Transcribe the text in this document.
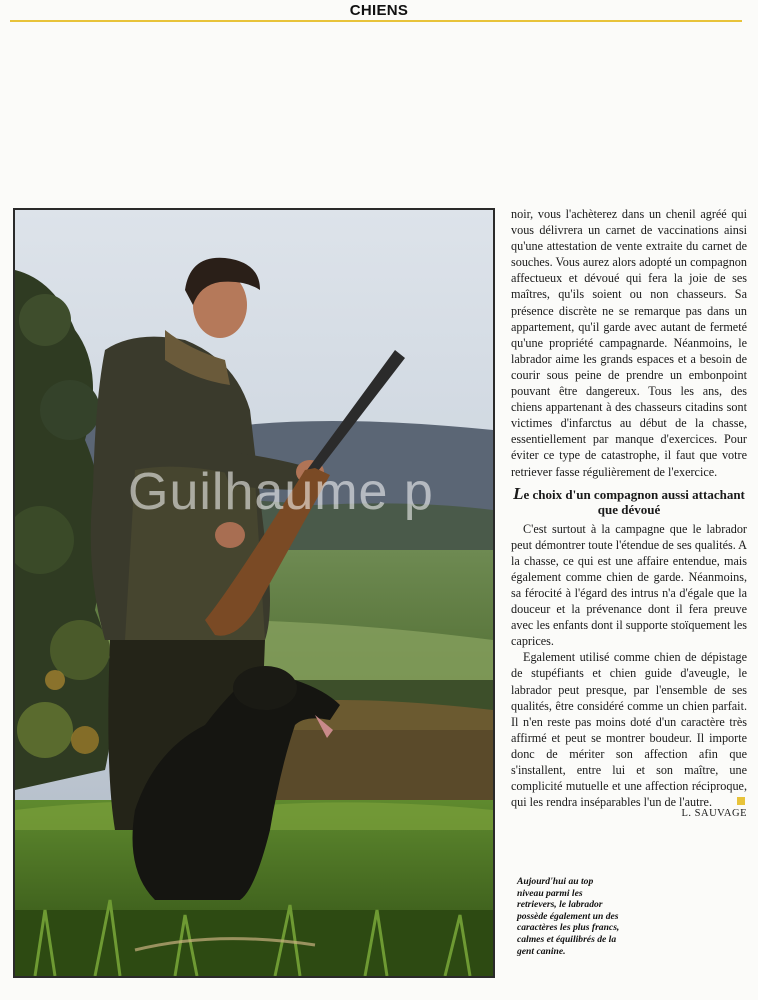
CHIENS
Guilhaume p

noir, vous l'achèterez dans un chenil agréé qui vous délivrera un carnet de vaccinations ainsi qu'une attestation de vente extraite du carnet de souches. Vous aurez alors adopté un compagnon affectueux et dévoué qui fera la joie de ses maîtres, qu'ils soient ou non chasseurs. Sa présence discrète ne se remarque pas dans un appartement, qu'il garde avec autant de fermeté qu'une propriété campagnarde. Néanmoins, le labrador aime les grands espaces et a besoin de courir sous peine de prendre un embonpoint pouvant être dangereux. Tous les ans, des chiens appartenant à des chasseurs citadins sont victimes d'infarctus au début de la chasse, essentiellement par manque d'exercices. Pour éviter ce type de catastrophe, il faut que votre retriever fasse régulièrement de l'exercice.

Le choix d'un compagnon aussi attachant que dévoué

C'est surtout à la campagne que le labrador peut démontrer toute l'étendue de ses qualités. A la chasse, ce qui est une affaire entendue, mais également comme chien de garde. Néanmoins, sa férocité à l'égard des intrus n'a d'égale que la douceur et la prévenance dont il fera preuve avec les enfants dont il supporte stoïquement les caprices.

Egalement utilisé comme chien de dépistage de stupéfiants et chien guide d'aveugle, le labrador peut presque, par l'ensemble de ses qualités, être considéré comme un chien parfait. Il n'en reste pas moins doté d'un caractère très affirmé et peut se montrer boudeur. Il importe donc de mériter son affection afin que s'installent, entre lui et son maître, une complicité mutuelle et une affection réciproque, qui les rendra inséparables l'un de l'autre.

L. SAUVAGE
Aujourd'hui au top niveau parmi les retrievers, le labrador possède également un des caractères les plus francs, calmes et équilibrés de la gent canine.
